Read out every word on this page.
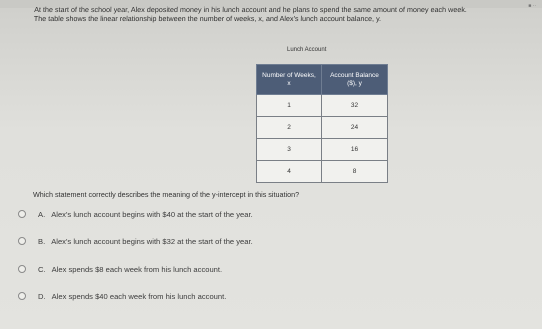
■ ··
At the start of the school year, Alex deposited money in his lunch account and he plans to spend the same amount of money each week.
The table shows the linear relationship between the number of weeks, x, and Alex's lunch account balance, y.
Lunch Account
Number of Weeks, x	Account Balance ($), y
1	32
2	24
3	16
4	8
Which statement correctly describes the meaning of the y-intercept in this situation?
A. Alex's lunch account begins with $40 at the start of the year.
B. Alex's lunch account begins with $32 at the start of the year.
C. Alex spends $8 each week from his lunch account.
D. Alex spends $40 each week from his lunch account.
